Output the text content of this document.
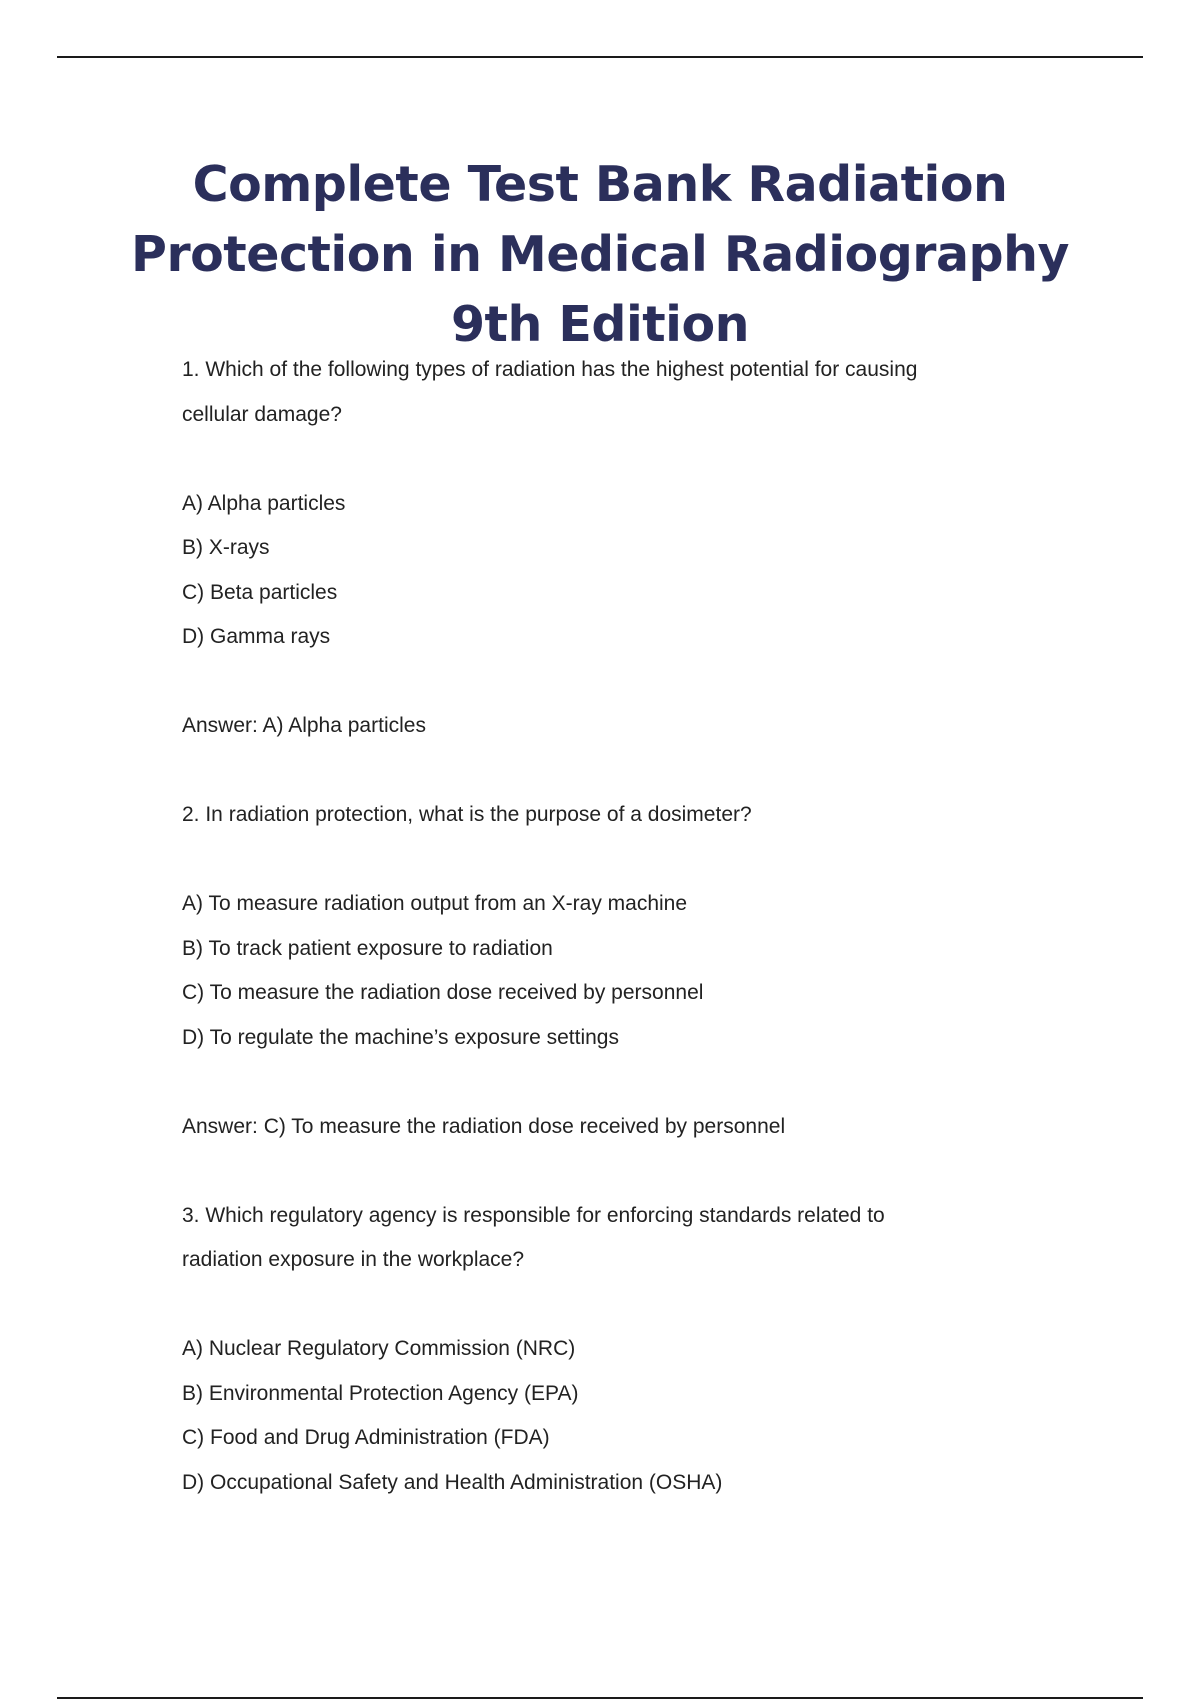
Complete Test Bank Radiation
Protection in Medical Radiography
9th Edition
1. Which of the following types of radiation has the highest potential for causing
cellular damage?
A) Alpha particles
B) X-rays
C) Beta particles
D) Gamma rays
Answer: A) Alpha particles
2. In radiation protection, what is the purpose of a dosimeter?
A) To measure radiation output from an X-ray machine
B) To track patient exposure to radiation
C) To measure the radiation dose received by personnel
D) To regulate the machine’s exposure settings
Answer: C) To measure the radiation dose received by personnel
3. Which regulatory agency is responsible for enforcing standards related to
radiation exposure in the workplace?
A) Nuclear Regulatory Commission (NRC)
B) Environmental Protection Agency (EPA)
C) Food and Drug Administration (FDA)
D) Occupational Safety and Health Administration (OSHA)
